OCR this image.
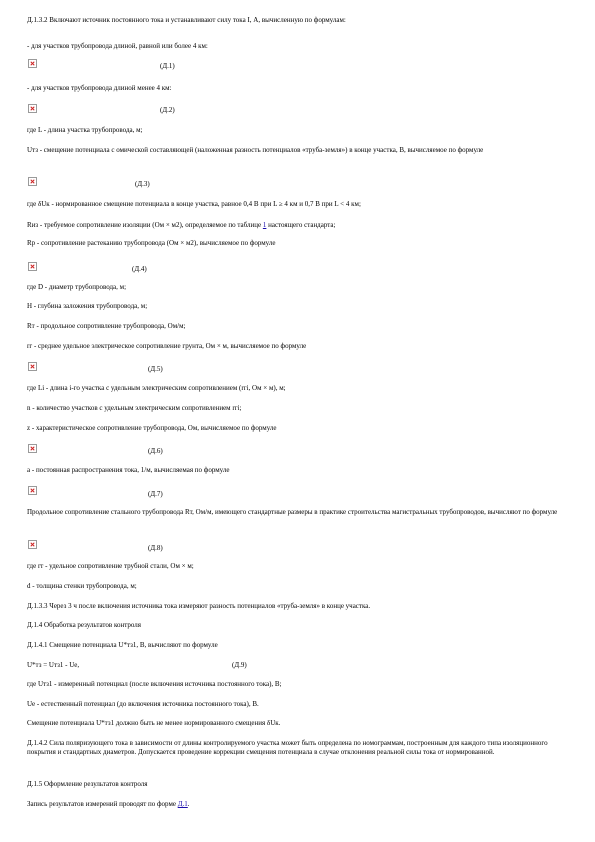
Д.1.3.2 Включают источник постоянного тока и устанавливают силу тока I, А, вычисленную по формулам:
- для участков трубопровода длиной, равной или более 4 км:
(Д.1)
- для участков трубопровода длиной менее 4 км:
(Д.2)
где L - длина участка трубопровода, м;
Uтз - смещение потенциала с омической составляющей (наложенная разность потенциалов «труба-земля») в конце участка, В, вычисляемое по формуле
(Д.3)
где δUк - нормированное смещение потенциала в конце участка, равное 0,4 В при L ≥ 4 км и 0,7 В при L < 4 км;
Rиз - требуемое сопротивление изоляции (Ом × м2), определяемое по таблице 1 настоящего стандарта;
Rр - сопротивление растеканию трубопровода (Ом × м2), вычисляемое по формуле
(Д.4)
где D - диаметр трубопровода, м;
H - глубина заложения трубопровода, м;
Rт - продольное сопротивление трубопровода, Ом/м;
rг - среднее удельное электрическое сопротивление грунта, Ом × м, вычисляемое по формуле
(Д.5)
где Li - длина i-го участка с удельным электрическим сопротивлением (rгi, Ом × м), м;
n - количество участков с удельным электрическим сопротивлением rгi;
z - характеристическое сопротивление трубопровода, Ом, вычисляемое по формуле
(Д.6)
a - постоянная распространения тока, 1/м, вычисляемая по формуле
(Д.7)
Продольное сопротивление стального трубопровода Rт, Ом/м, имеющего стандартные размеры в практике строительства магистральных трубопроводов, вычисляют по формуле
(Д.8)
где rт - удельное сопротивление трубной стали, Ом × м;
d - толщина стенки трубопровода, м;
Д.1.3.3 Через 3 ч после включения источника тока измеряют разность потенциалов «труба-земля» в конце участка.
Д.1.4 Обработка результатов контроля
Д.1.4.1 Смещение потенциала U*тз1, В, вычисляют по формуле
U*тз = Uтз1 - Uе,	(Д.9)
где Uтз1 - измеренный потенциал (после включения источника постоянного тока), В;
Uе - естественный потенциал (до включения источника постоянного тока), В.
Смещение потенциала U*тз1 должно быть не менее нормированного смещения δUк.
Д.1.4.2 Сила поляризующего тока в зависимости от длины контролируемого участка может быть определена по номограммам, построенным для каждого типа изоляционного покрытия и стандартных диаметров. Допускается проведение коррекции смещения потенциала в случае отклонения реальной силы тока от нормированной.
Д.1.5 Оформление результатов контроля
Запись результатов измерений проводят по форме Д.1.
